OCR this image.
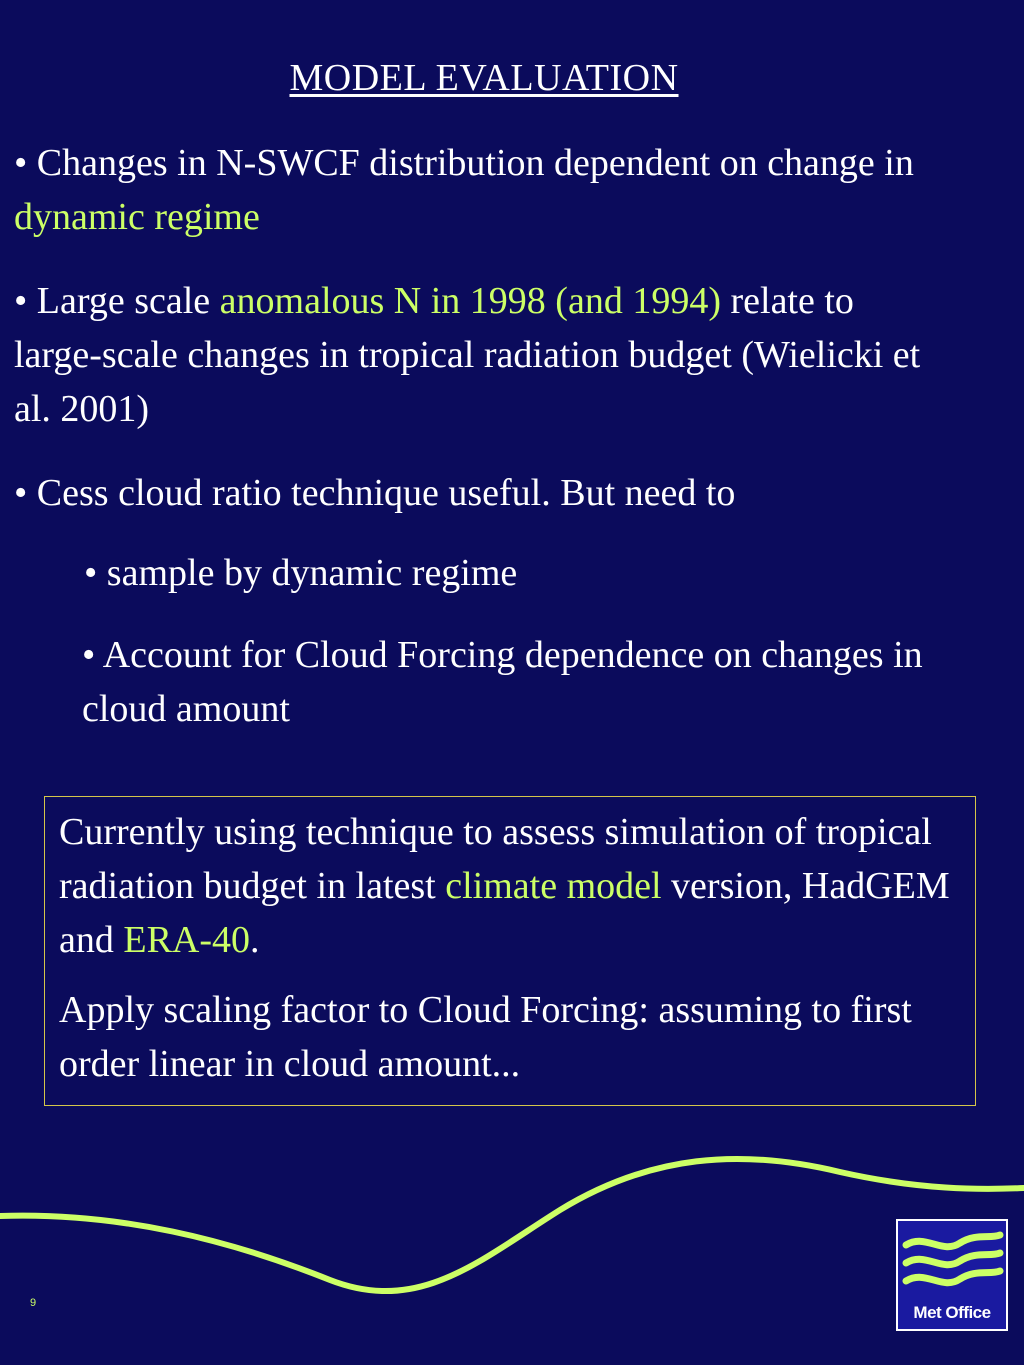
MODEL EVALUATION

• Changes in N-SWCF distribution dependent on change in dynamic regime

• Large scale anomalous N in 1998 (and 1994) relate to large-scale changes in tropical radiation budget (Wielicki et al. 2001)

• Cess cloud ratio technique useful. But need to

• sample by dynamic regime

• Account for Cloud Forcing dependence on changes in cloud amount

Currently using technique to assess simulation of tropical radiation budget in latest climate model version, HadGEM and ERA-40.

Apply scaling factor to Cloud Forcing: assuming to first order linear in cloud amount...

9	Met Office
